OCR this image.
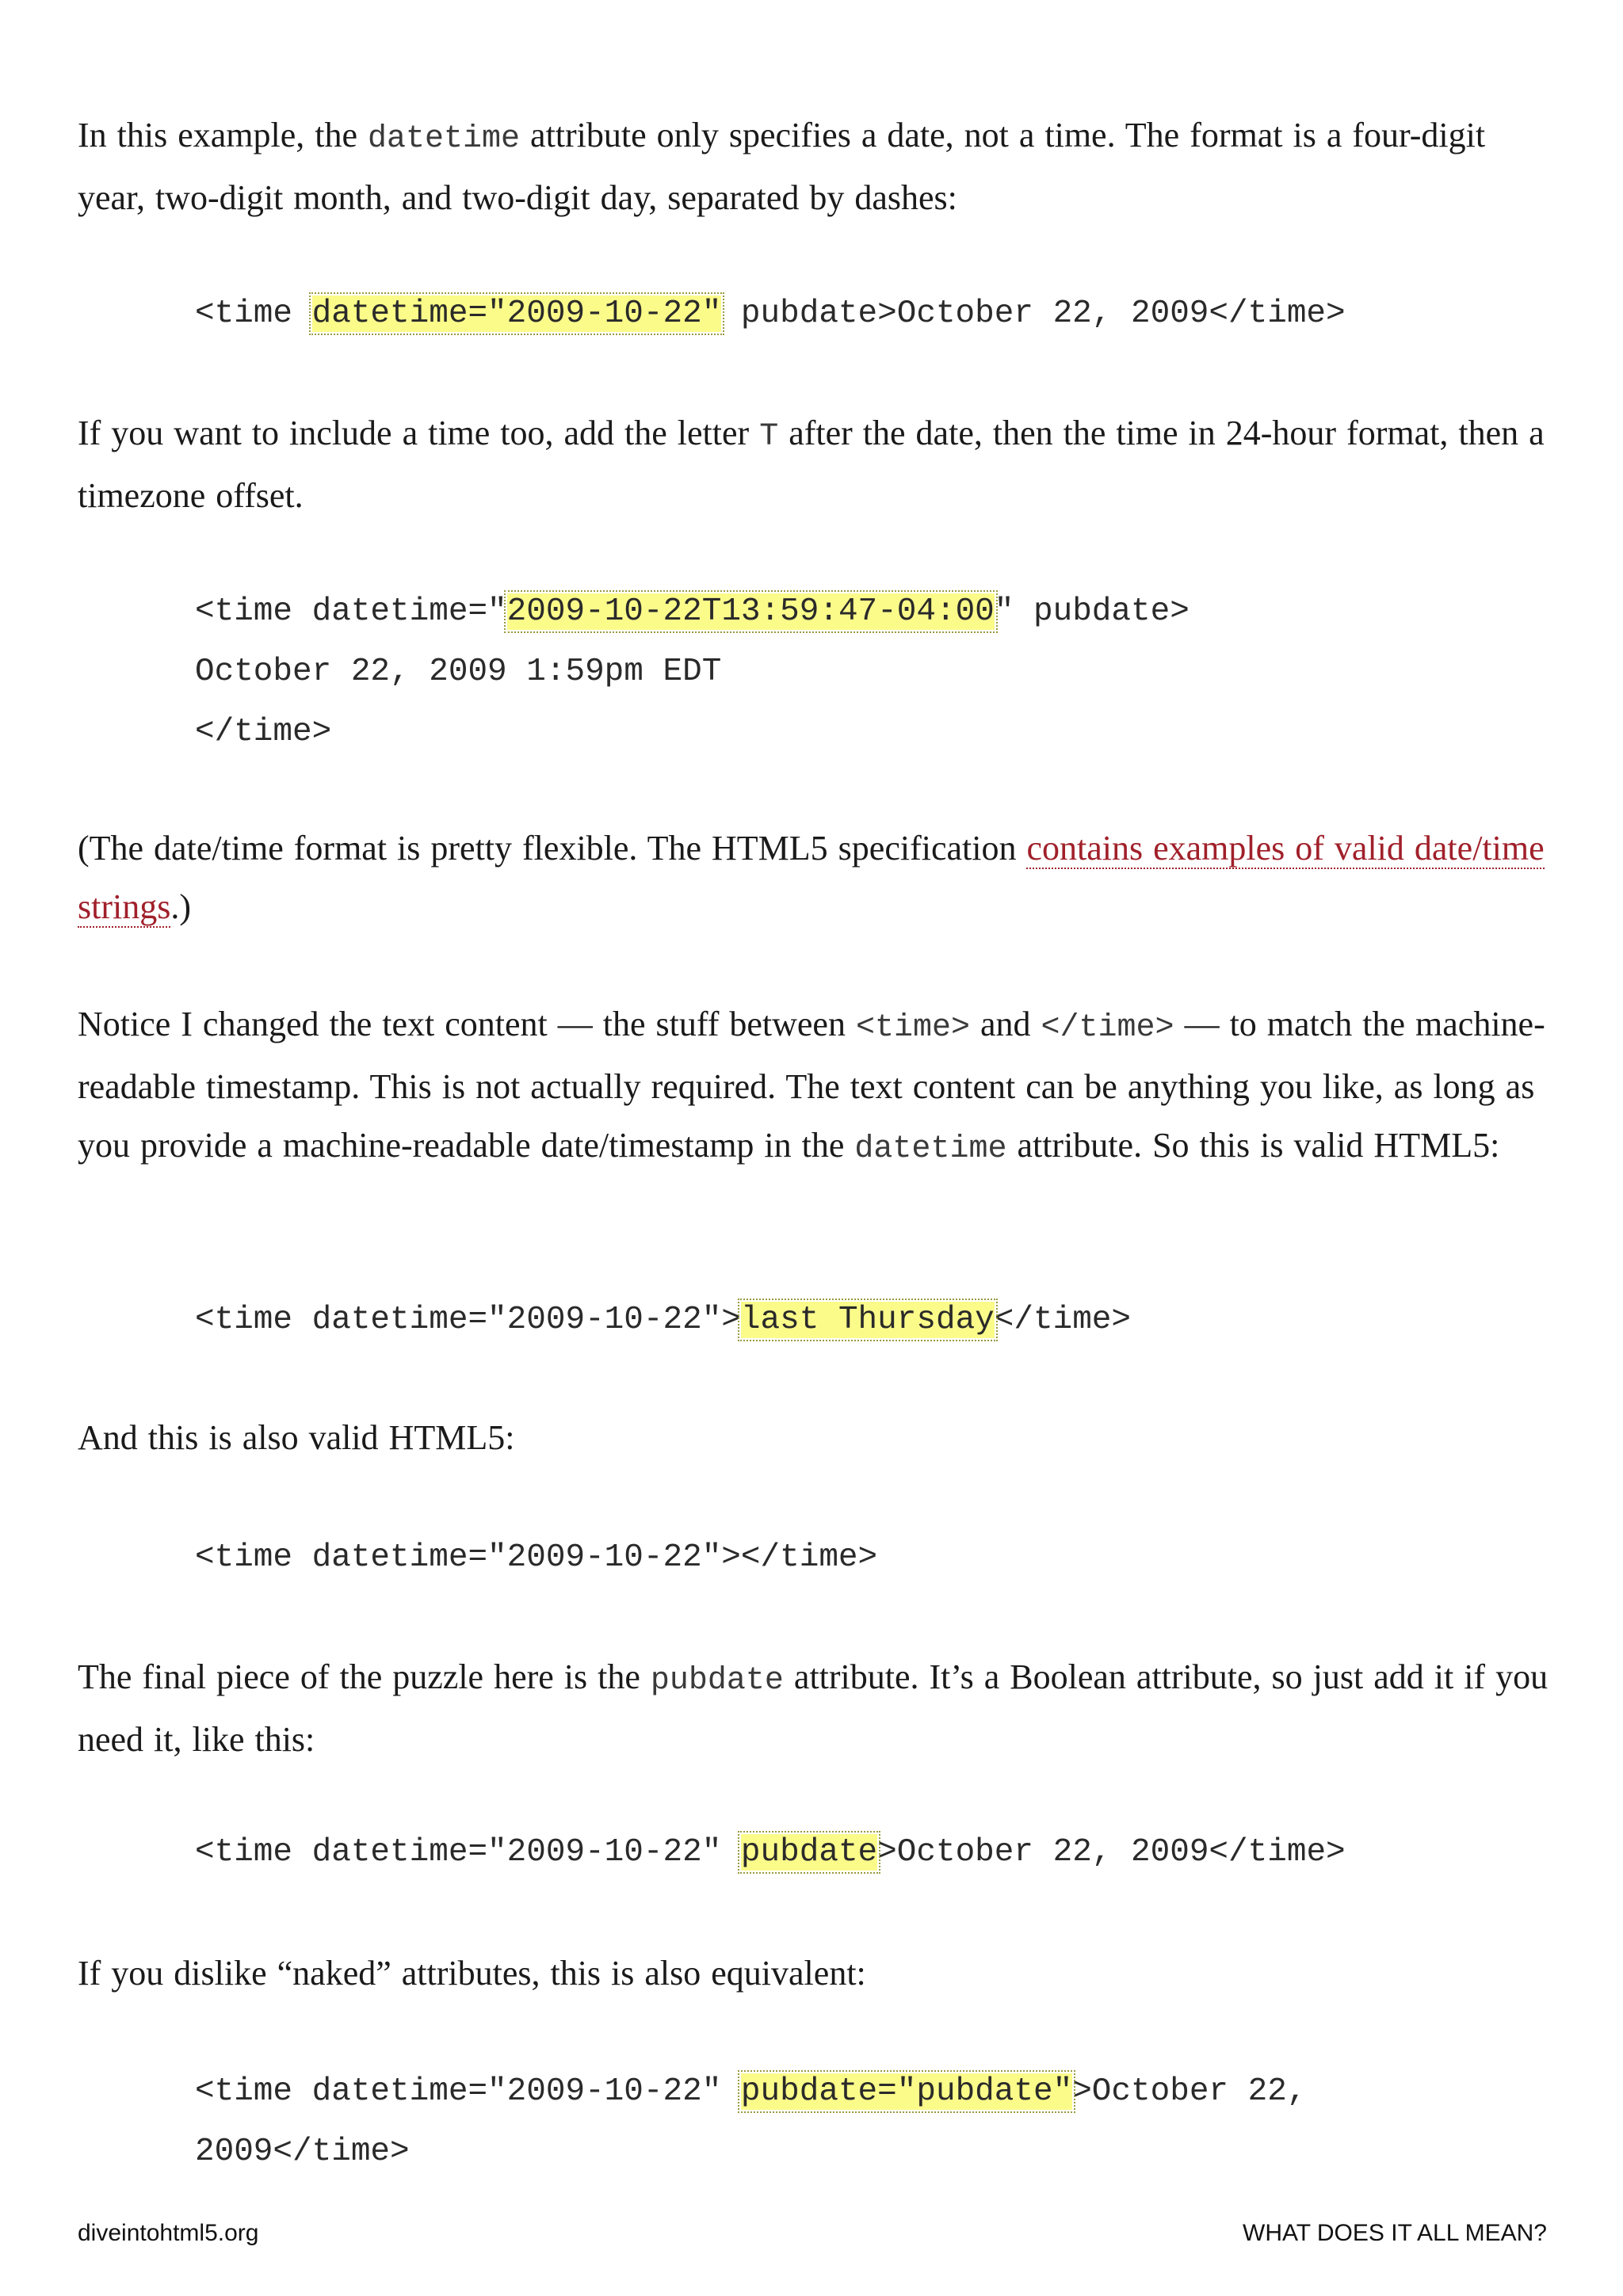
In this example, the datetime attribute only specifies a date, not a time. The format is a four-digit year, two-digit month, and two-digit day, separated by dashes:

<time datetime="2009-10-22" pubdate>October 22, 2009</time>

If you want to include a time too, add the letter T after the date, then the time in 24-hour format, then a timezone offset.

<time datetime="2009-10-22T13:59:47-04:00" pubdate>
October 22, 2009 1:59pm EDT
</time>

(The date/time format is pretty flexible. The HTML5 specification contains examples of valid date/time strings.)

Notice I changed the text content — the stuff between <time> and </time> — to match the machine-readable timestamp. This is not actually required. The text content can be anything you like, as long as you provide a machine-readable date/timestamp in the datetime attribute. So this is valid HTML5:

<time datetime="2009-10-22">last Thursday</time>

And this is also valid HTML5:

<time datetime="2009-10-22"></time>

The final piece of the puzzle here is the pubdate attribute. It’s a Boolean attribute, so just add it if you need it, like this:

<time datetime="2009-10-22" pubdate>October 22, 2009</time>

If you dislike “naked” attributes, this is also equivalent:

<time datetime="2009-10-22" pubdate="pubdate">October 22,
2009</time>
diveintohtml5.org	WHAT DOES IT ALL MEAN?
